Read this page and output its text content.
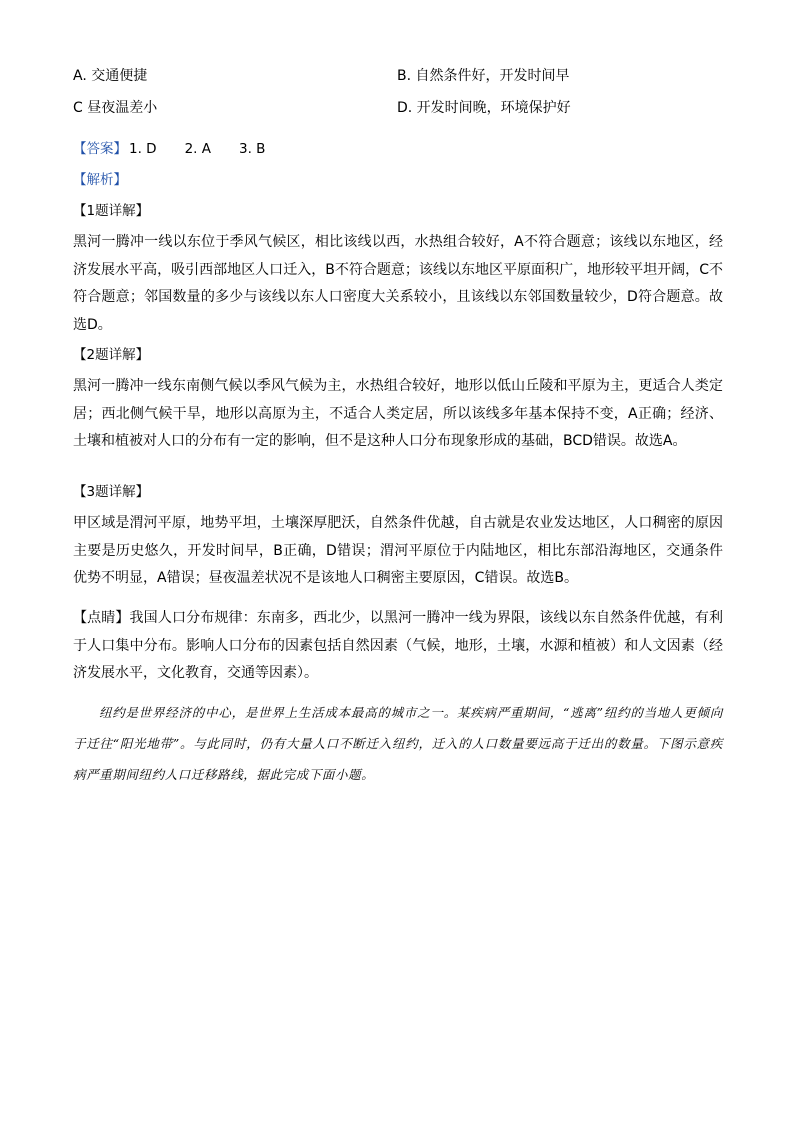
A. 交通便捷	B. 自然条件好，开发时间早
C 昼夜温差小	D. 开发时间晚，环境保护好
【答案】 1. D 2. A 3. B
【解析】
【1题详解】
黑河一腾冲一线以东位于季风气候区，相比该线以西，水热组合较好，A不符合题意；该线以东地区，经济发展水平高，吸引西部地区人口迁入，B不符合题意；该线以东地区平原面积广，地形较平坦开阔，C不符合题意；邻国数量的多少与该线以东人口密度大关系较小，且该线以东邻国数量较少，D符合题意。故选D。
【2题详解】
黑河一腾冲一线东南侧气候以季风气候为主，水热组合较好，地形以低山丘陵和平原为主，更适合人类定居；西北侧气候干旱，地形以高原为主，不适合人类定居，所以该线多年基本保持不变，A正确；经济、土壤和植被对人口的分布有一定的影响，但不是这种人口分布现象形成的基础，BCD错误。故选A。
【3题详解】
甲区域是渭河平原，地势平坦，土壤深厚肥沃，自然条件优越，自古就是农业发达地区，人口稠密的原因主要是历史悠久，开发时间早，B正确，D错误；渭河平原位于内陆地区，相比东部沿海地区，交通条件优势不明显，A错误；昼夜温差状况不是该地人口稠密主要原因，C错误。故选B。
【点睛】我国人口分布规律：东南多，西北少，以黑河一腾冲一线为界限，该线以东自然条件优越，有利于人口集中分布。影响人口分布的因素包括自然因素（气候，地形，土壤，水源和植被）和人文因素（经济发展水平，文化教育，交通等因素）。
纽约是世界经济的中心，是世界上生活成本最高的城市之一。某疾病严重期间，“逃离”纽约的当地人更倾向于迁往“阳光地带”。与此同时，仍有大量人口不断迁入纽约，迁入的人口数量要远高于迁出的数量。下图示意疾病严重期间纽约人口迁移路线，据此完成下面小题。
